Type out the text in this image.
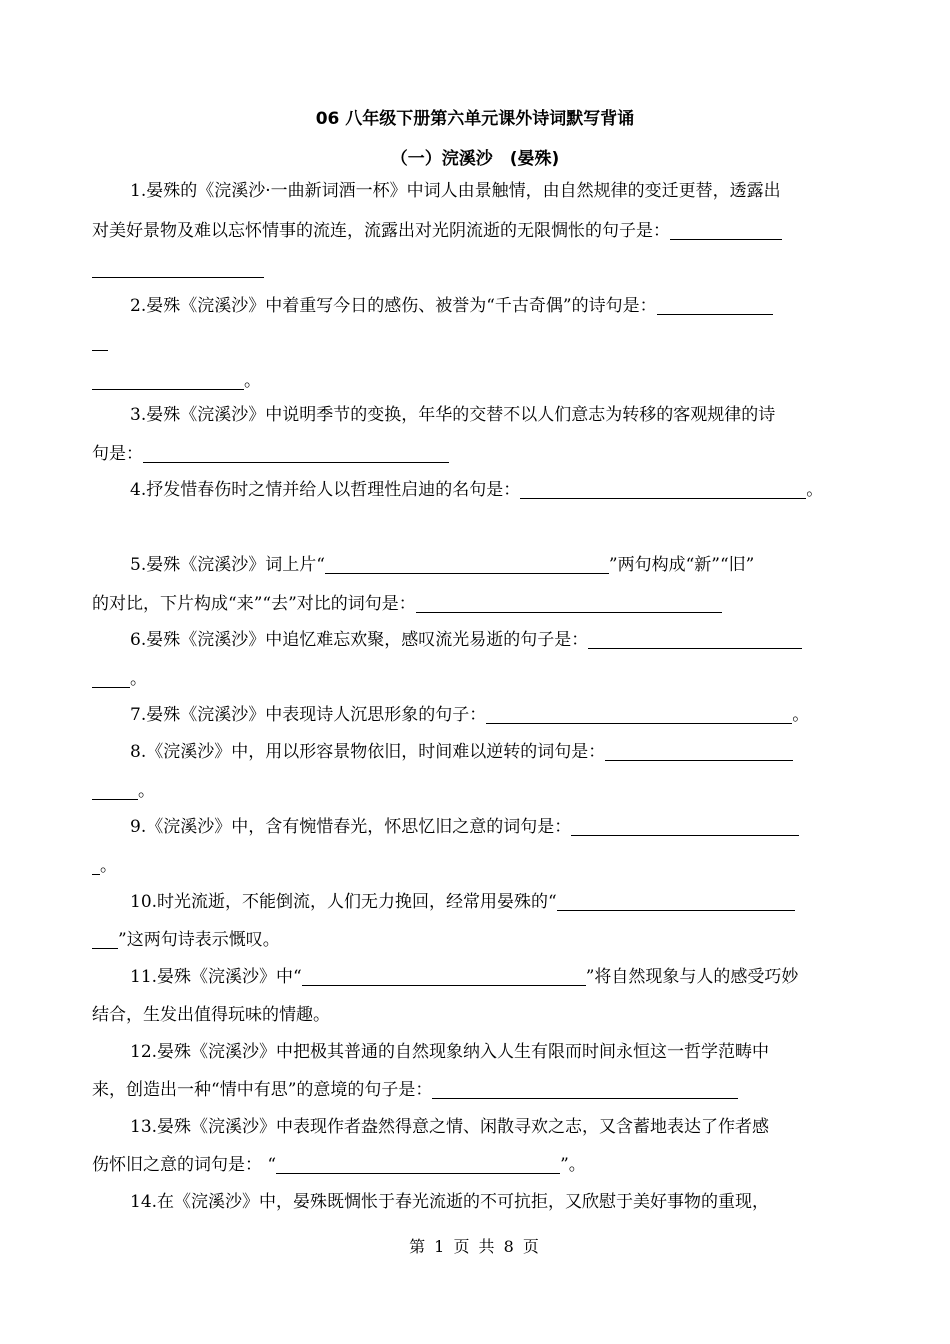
06 八年级下册第六单元课外诗词默写背诵
（一）浣溪沙　(晏殊)
1.晏殊的《浣溪沙·一曲新词酒一杯》中词人由景触情，由自然规律的变迁更替，透露出
对美好景物及难以忘怀情事的流连，流露出对光阴流逝的无限惆怅的句子是：
2.晏殊《浣溪沙》中着重写今日的感伤、被誉为“千古奇偶”的诗句是：
。
3.晏殊《浣溪沙》中说明季节的变换，年华的交替不以人们意志为转移的客观规律的诗
句是：
4.抒发惜春伤时之情并给人以哲理性启迪的名句是：	。
5.晏殊《浣溪沙》词上片“	”两句构成“新”“旧”
的对比，下片构成“来”“去”对比的词句是：
6.晏殊《浣溪沙》中追忆难忘欢聚，感叹流光易逝的句子是：
。
7.晏殊《浣溪沙》中表现诗人沉思形象的句子：	。
8.《浣溪沙》中，用以形容景物依旧，时间难以逆转的词句是：
。
9.《浣溪沙》中，含有惋惜春光，怀思忆旧之意的词句是：
。
10.时光流逝，不能倒流，人们无力挽回，经常用晏殊的“
”这两句诗表示慨叹。
11.晏殊《浣溪沙》中“	”将自然现象与人的感受巧妙
结合，生发出值得玩味的情趣。
12.晏殊《浣溪沙》中把极其普通的自然现象纳入人生有限而时间永恒这一哲学范畴中
来，创造出一种“情中有思”的意境的句子是：
13.晏殊《浣溪沙》中表现作者盎然得意之情、闲散寻欢之志，又含蓄地表达了作者感
伤怀旧之意的词句是： “	”。
14.在《浣溪沙》中，晏殊既惆怅于春光流逝的不可抗拒，又欣慰于美好事物的重现，
第 1 页 共 8 页
